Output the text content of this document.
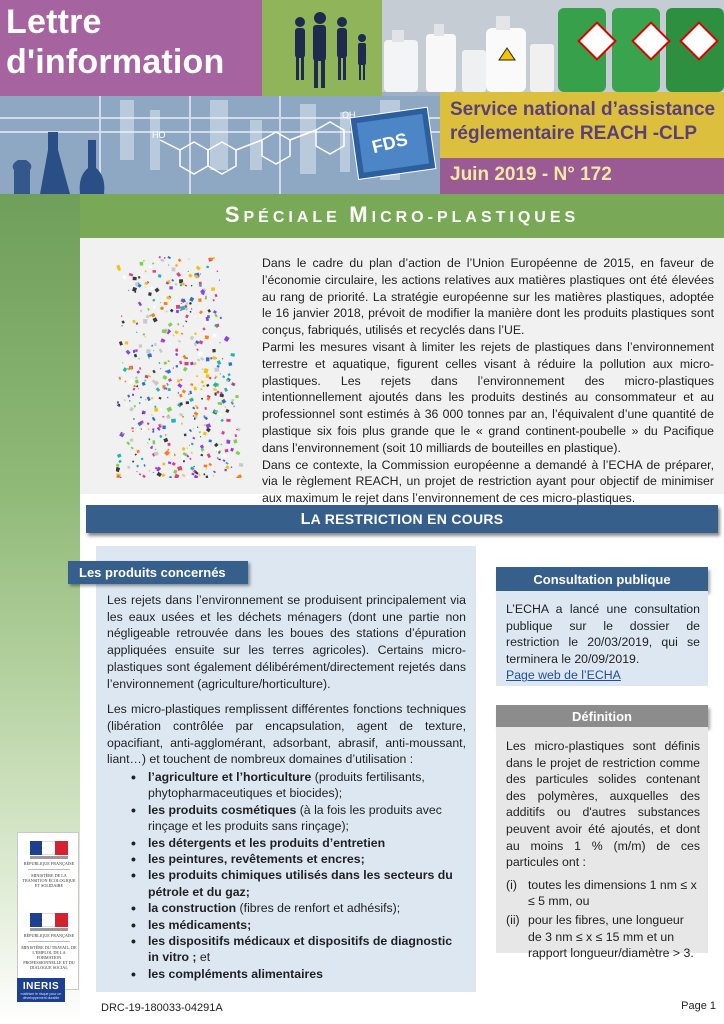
HO
OH
FDS
Lettre
d'information
Service national d’assistance
réglementaire REACH -CLP
Juin 2019 - N° 172
SPÉCIALE MICRO-PLASTIQUES

Dans le cadre du plan d’action de l’Union Européenne de 2015, en faveur de l’économie circulaire, les actions relatives aux matières plastiques ont été élevées au rang de priorité. La stratégie européenne sur les matières plastiques, adoptée le 16 janvier 2018, prévoit de modifier la manière dont les produits plastiques sont conçus, fabriqués, utilisés et recyclés dans l’UE.

Parmi les mesures visant à limiter les rejets de plastiques dans l’environnement terrestre et aquatique, figurent celles visant à réduire la pollution aux micro-plastiques. Les rejets dans l’environnement des micro-plastiques intentionnellement ajoutés dans les produits destinés au consommateur et au professionnel sont estimés à 36 000 tonnes par an, l’équivalent d’une quantité de plastique six fois plus grande que le « grand continent-poubelle » du Pacifique dans l’environnement (soit 10 milliards de bouteilles en plastique).

Dans ce contexte, la Commission européenne a demandé à l’ECHA de préparer, via le règlement REACH, un projet de restriction ayant pour objectif de minimiser aux maximum le rejet dans l’environnement de ces micro-plastiques.

LA RESTRICTION EN COURS
Les produits concernés

Les rejets dans l’environnement se produisent principalement via les eaux usées et les déchets ménagers (dont une partie non négligeable retrouvée dans les boues des stations d’épuration appliquées ensuite sur les terres agricoles). Certains micro-plastiques sont également délibérément/directement rejetés dans l’environnement (agriculture/horticulture).

Les micro-plastiques remplissent différentes fonctions techniques (libération contrôlée par encapsulation, agent de texture, opacifiant, anti-agglomérant, adsorbant, abrasif, anti-moussant, liant…) et touchent de nombreux domaines d’utilisation :

• l’agriculture et l’horticulture (produits fertilisants, phytopharmaceutiques et biocides);
• les produits cosmétiques (à la fois les produits avec rinçage et les produits sans rinçage);
• les détergents et les produits d’entretien
• les peintures, revêtements et encres;
• les produits chimiques utilisés dans les secteurs du pétrole et du gaz;
• la construction (fibres de renfort et adhésifs);
• les médicaments;
• les dispositifs médicaux et dispositifs de diagnostic in vitro ; et
• les compléments alimentaires
Consultation publique
L’ECHA a lancé une consultation publique sur le dossier de restriction le 20/03/2019, qui se terminera le 20/09/2019.
Page web de l’ECHA
Définition
Les micro-plastiques sont définis dans le projet de restriction comme des particules solides contenant des polymères, auxquelles des additifs ou d'autres substances peuvent avoir été ajoutés, et dont au moins 1 % (m/m) de ces particules ont :
(i) toutes les dimensions 1 nm ≤ x ≤ 5 mm, ou
(ii) pour les fibres, une longueur de 3 nm ≤ x ≤ 15 mm et un rapport longueur/diamètre > 3.
RÉPUBLIQUE FRANÇAISE
MINISTÈRE DE LA TRANSITION ÉCOLOGIQUE ET SOLIDAIRE
RÉPUBLIQUE FRANÇAISE
MINISTÈRE DU TRAVAIL, DE L'EMPLOI, DE LA FORMATION PROFESSIONNELLE ET DU DIALOGUE SOCIAL
INERIS
maîtriser le risque pour un développement durable
DRC-19-180033-04291A	Page 1
